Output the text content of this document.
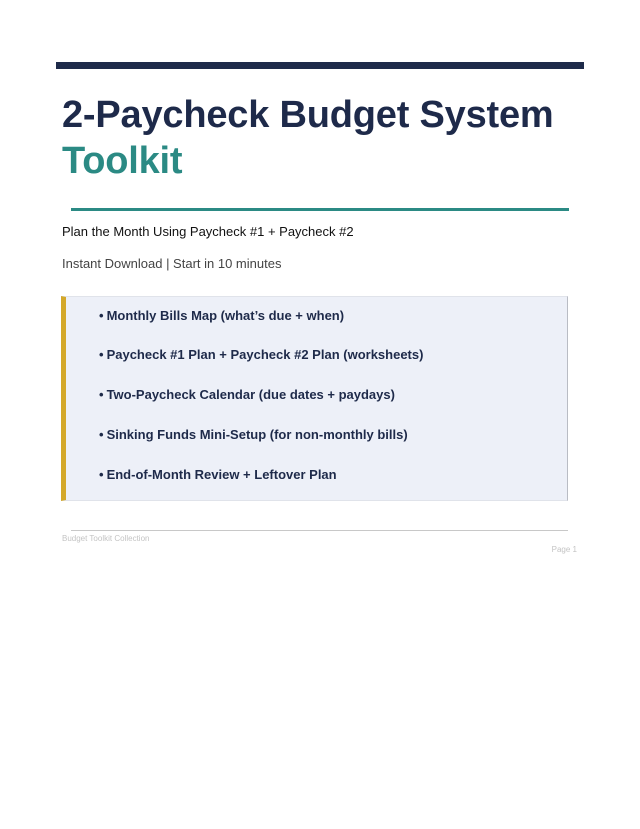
2-Paycheck Budget System
Toolkit
Plan the Month Using Paycheck #1 + Paycheck #2
Instant Download | Start in 10 minutes
• Monthly Bills Map (what’s due + when)
• Paycheck #1 Plan + Paycheck #2 Plan (worksheets)
• Two-Paycheck Calendar (due dates + paydays)
• Sinking Funds Mini-Setup (for non-monthly bills)
• End-of-Month Review + Leftover Plan
Budget Toolkit Collection
Page 1
